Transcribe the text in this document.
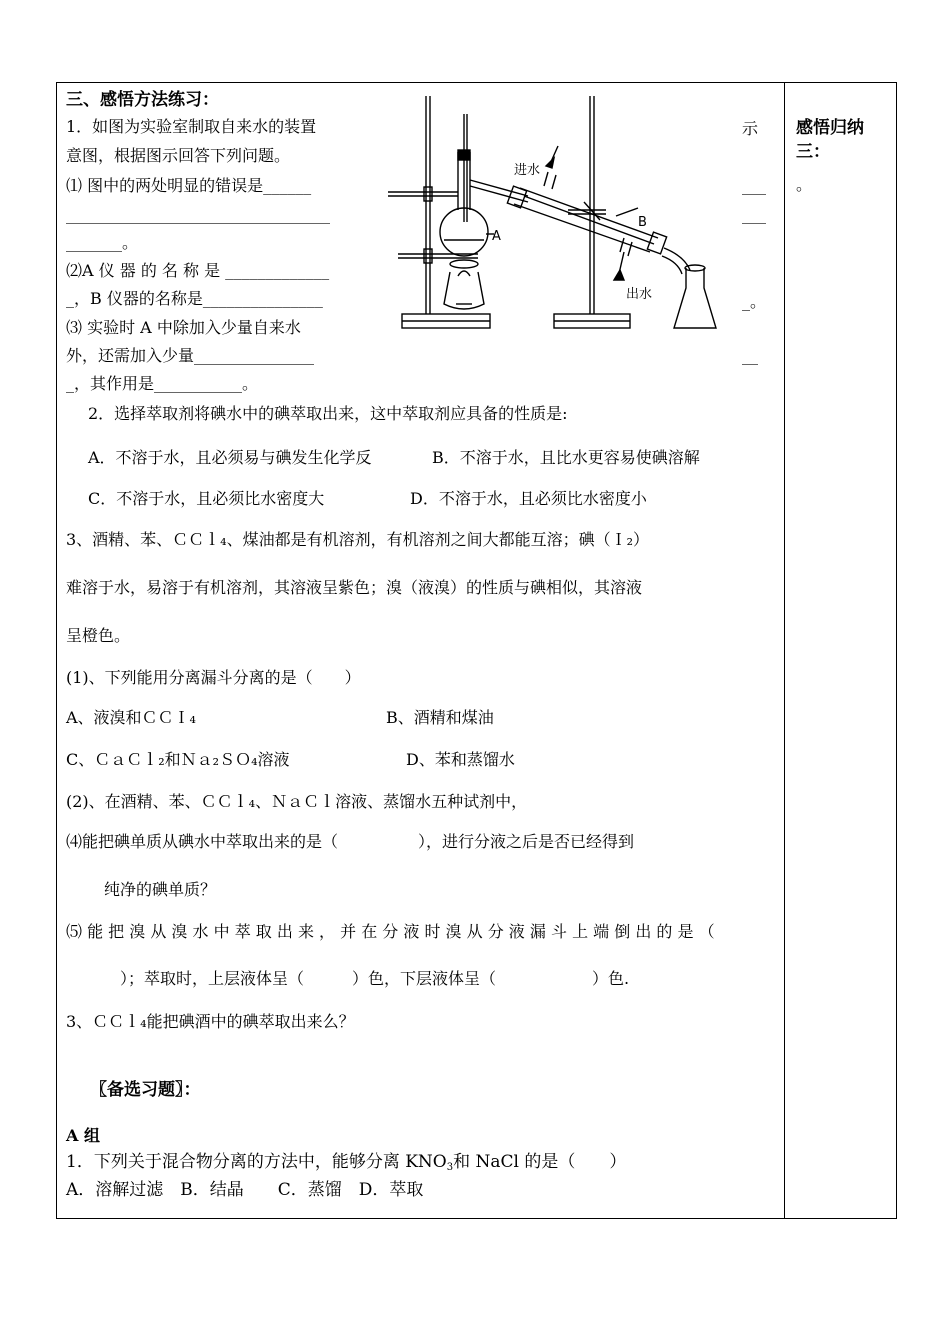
三、感悟方法练习：
1．如图为实验室制取自来水的装置
意图，根据图示回答下列问题。
⑴ 图中的两处明显的错误是______
_________________________________
_______。
⑵A 仪 器 的 名 称 是 _____________
_，B 仪器的名称是_______________
⑶ 实验时 A 中除加入少量自来水
外，还需加入少量_______________
_，其作用是___________。
示
___
___
_。
__
进水
出水
A
B
2．选择萃取剂将碘水中的碘萃取出来，这中萃取剂应具备的性质是:
A．不溶于水，且必须易与碘发生化学反	B．不溶于水，且比水更容易使碘溶解
C．不溶于水，且必须比水密度大	D．不溶于水，且必须比水密度小
3、酒精、苯、ＣＣｌ₄、煤油都是有机溶剂，有机溶剂之间大都能互溶；碘（Ｉ₂）
难溶于水，易溶于有机溶剂，其溶液呈紫色；溴（液溴）的性质与碘相似，其溶液
呈橙色。
(1)、下列能用分离漏斗分离的是（　　）
A、液溴和ＣＣＩ₄	B、酒精和煤油
C、ＣａＣｌ₂和Ｎａ₂ＳＯ₄溶液	D、苯和蒸馏水
(2)、在酒精、苯、ＣＣｌ₄、ＮａＣｌ溶液、蒸馏水五种试剂中，
⑷能把碘单质从碘水中萃取出来的是（　　　　　），进行分液之后是否已经得到
纯净的碘单质？
⑸ 能 把 溴 从 溴 水 中 萃 取 出 来 ， 并 在 分 液 时 溴 从 分 液 漏 斗 上 端 倒 出 的 是 （
）；萃取时，上层液体呈（　　　）色，下层液体呈（　　　　　　）色.
3、ＣＣｌ₄能把碘酒中的碘萃取出来么？
〖备选习题〗：
A 组
1．下列关于混合物分离的方法中，能够分离 $KNO_3$和 NaCl 的是（　　）
A．溶解过滤　B．结晶　　C．蒸馏　D．萃取
感悟归纳三：
。
